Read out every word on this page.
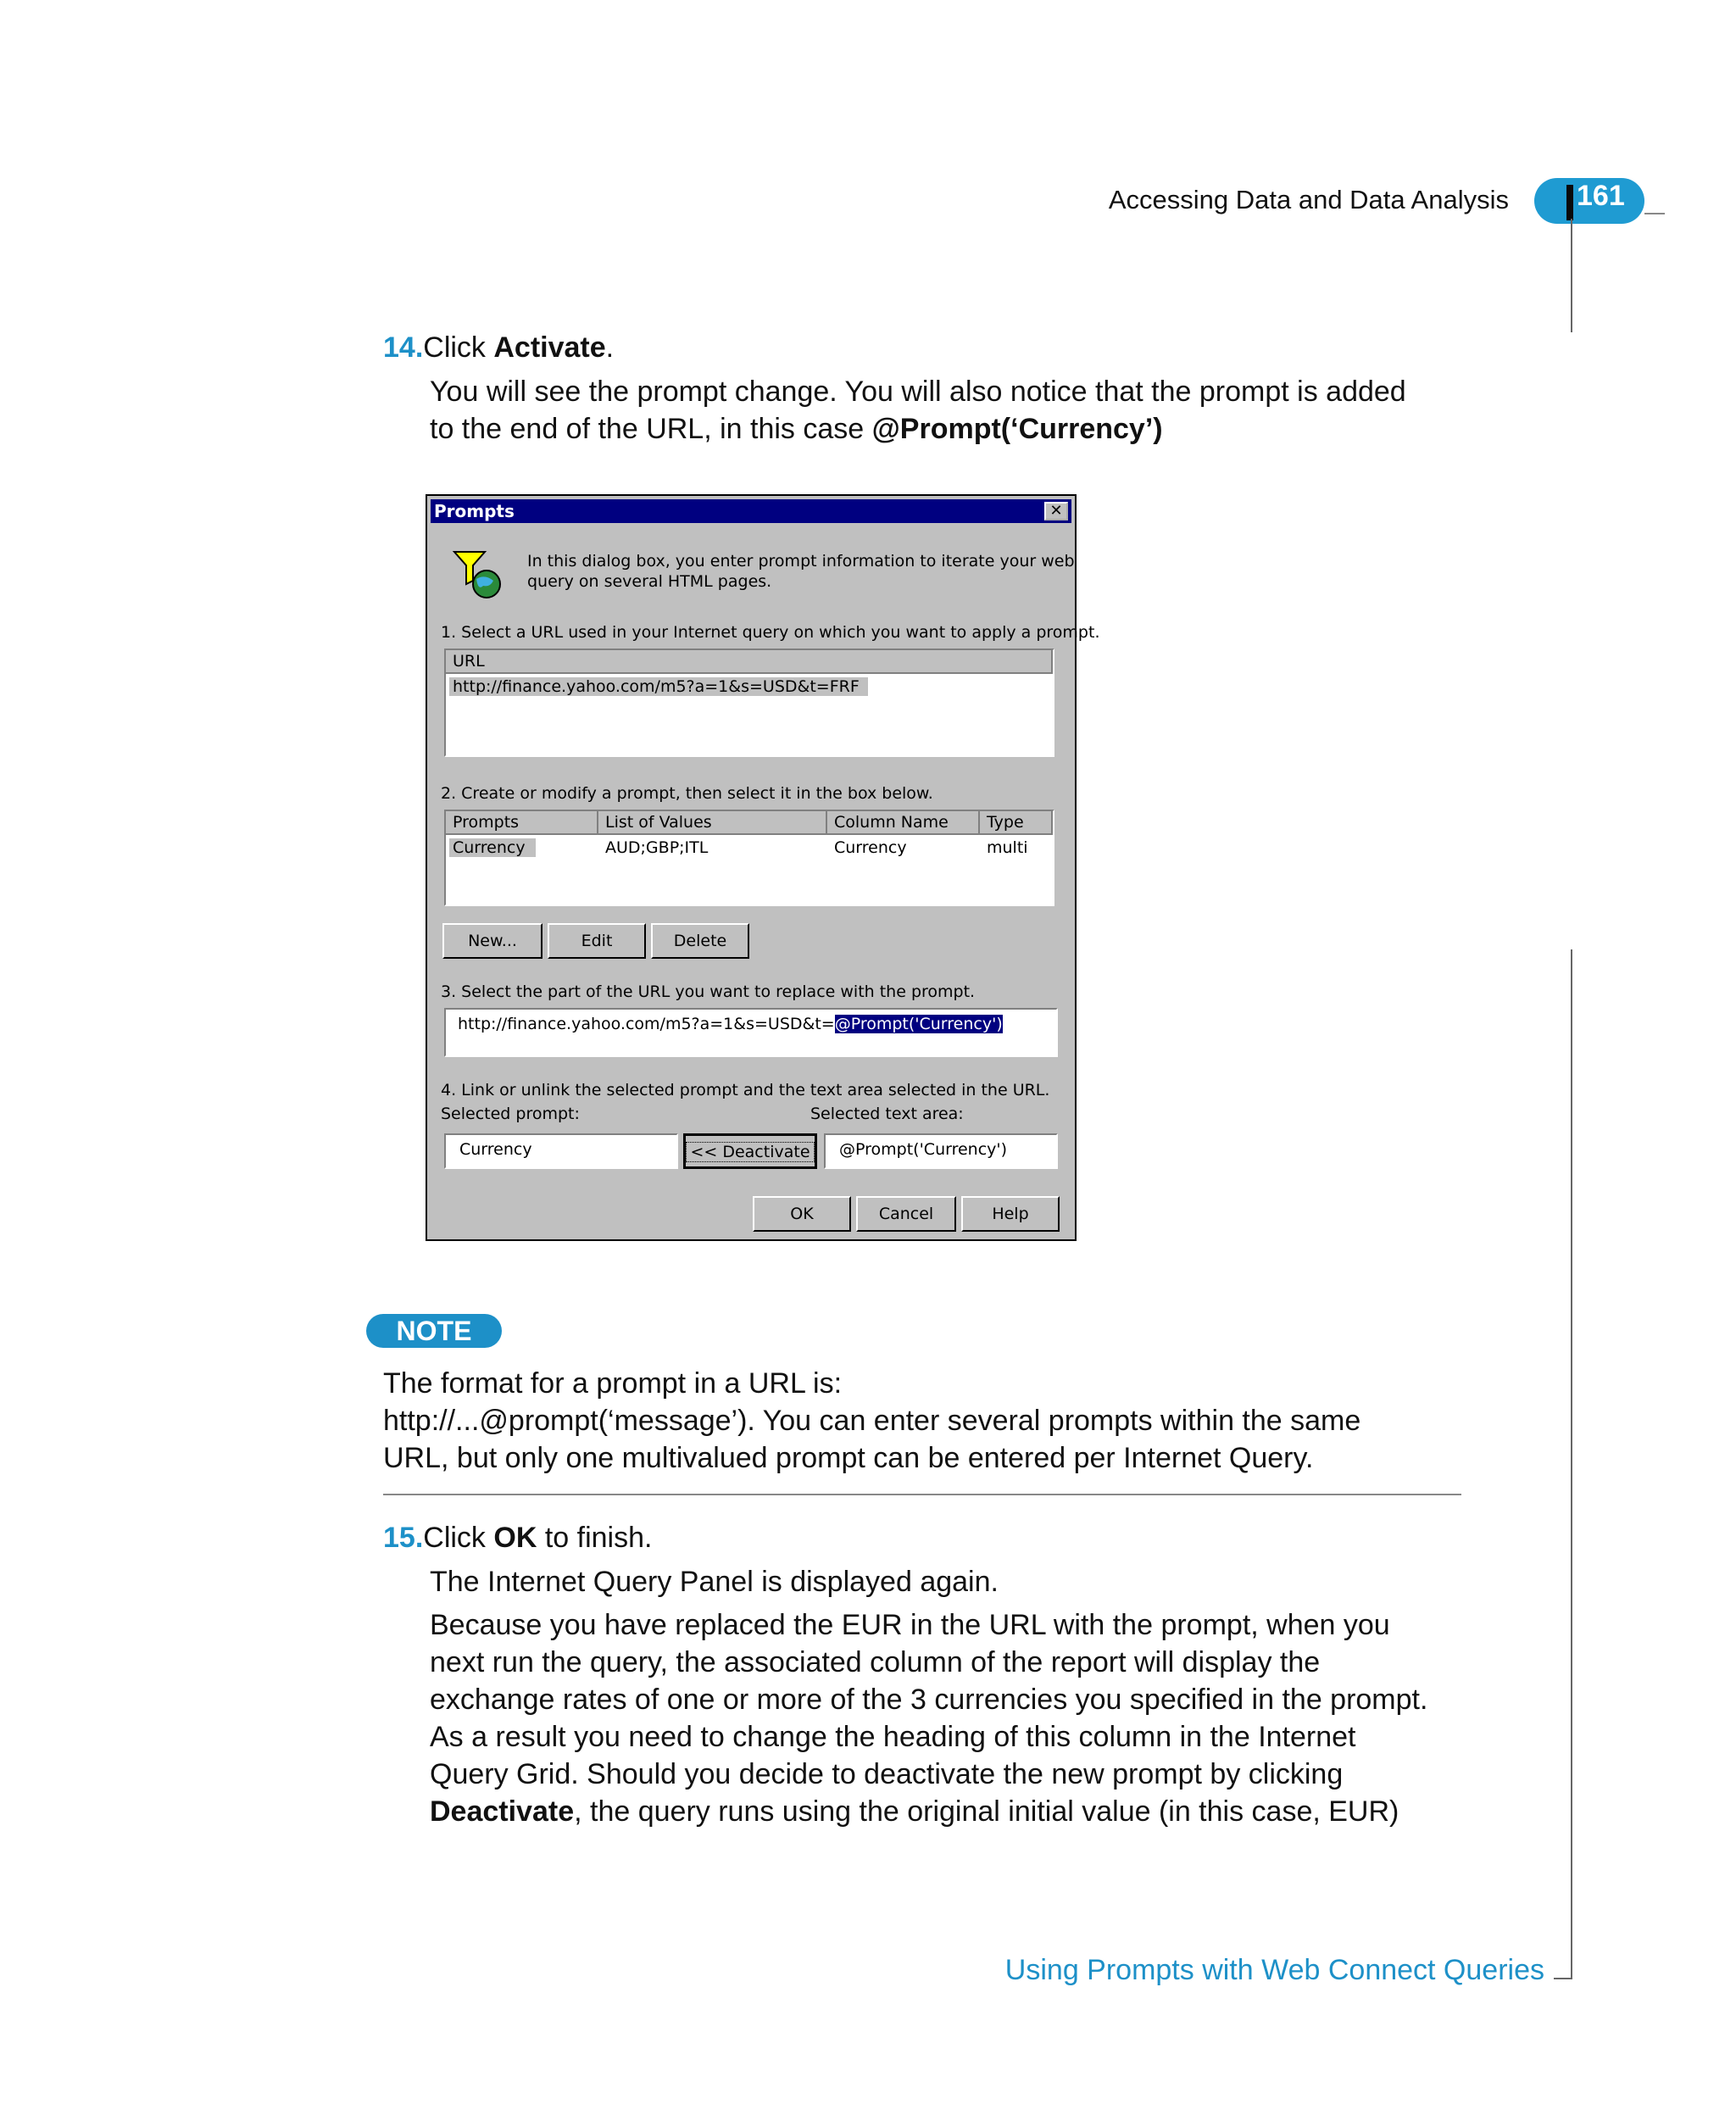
Accessing Data and Data Analysis 161
14.Click Activate.
You will see the prompt change. You will also notice that the prompt is added
to the end of the URL, in this case @Prompt(‘Currency’)
Prompts	✕
In this dialog box, you enter prompt information to iterate your web
query on several HTML pages.
1. Select a URL used in your Internet query on which you want to apply a prompt.
URL
http://finance.yahoo.com/m5?a=1&s=USD&t=FRF
2. Create or modify a prompt, then select it in the box below.
Prompts	List of Values	Column Name	Type
Currency	AUD;GBP;ITL	Currency	multi
New...	Edit	Delete
3. Select the part of the URL you want to replace with the prompt.
http://finance.yahoo.com/m5?a=1&s=USD&t=@Prompt('Currency')
4. Link or unlink the selected prompt and the text area selected in the URL.
Selected prompt:	Selected text area:
Currency	<< Deactivate	@Prompt('Currency')
OK	Cancel	Help
NOTE
The format for a prompt in a URL is:
http://...@prompt(‘message’). You can enter several prompts within the same
URL, but only one multivalued prompt can be entered per Internet Query.
15.Click OK to finish.
The Internet Query Panel is displayed again.
Because you have replaced the EUR in the URL with the prompt, when you
next run the query, the associated column of the report will display the
exchange rates of one or more of the 3 currencies you specified in the prompt.
As a result you need to change the heading of this column in the Internet
Query Grid. Should you decide to deactivate the new prompt by clicking
Deactivate, the query runs using the original initial value (in this case, EUR)
Using Prompts with Web Connect Queries
